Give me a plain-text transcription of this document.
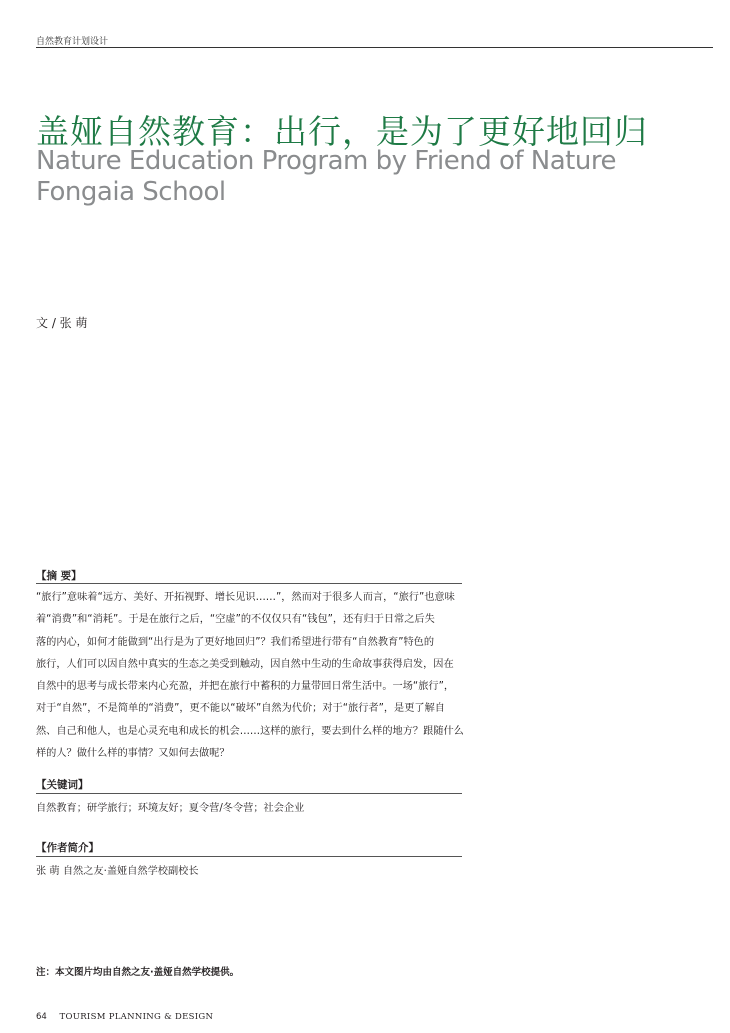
自然教育计划设计
盖娅自然教育：出行，是为了更好地回归
Nature Education Program by Friend of Nature Fongaia School
文 / 张 萌
【摘 要】
“旅行”意味着“远方、美好、开拓视野、增长见识……”，然而对于很多人而言，“旅行”也意味
着“消费”和“消耗”。于是在旅行之后，“空虚”的不仅仅只有“钱包”，还有归于日常之后失
落的内心，如何才能做到“出行是为了更好地回归”？我们希望进行带有“自然教育”特色的
旅行，人们可以因自然中真实的生态之美受到触动，因自然中生动的生命故事获得启发，因在
自然中的思考与成长带来内心充盈，并把在旅行中蓄积的力量带回日常生活中。一场“旅行”，
对于“自然”，不是简单的“消费”，更不能以“破坏”自然为代价；对于“旅行者”，是更了解自
然、自己和他人，也是心灵充电和成长的机会……这样的旅行，要去到什么样的地方？跟随什么
样的人？做什么样的事情？又如何去做呢？
【关键词】
自然教育；研学旅行；环境友好；夏令营/冬令营；社会企业
【作者简介】
张 萌 自然之友·盖娅自然学校副校长
注：本文图片均由自然之友·盖娅自然学校提供。
64 TOURISM PLANNING & DESIGN
